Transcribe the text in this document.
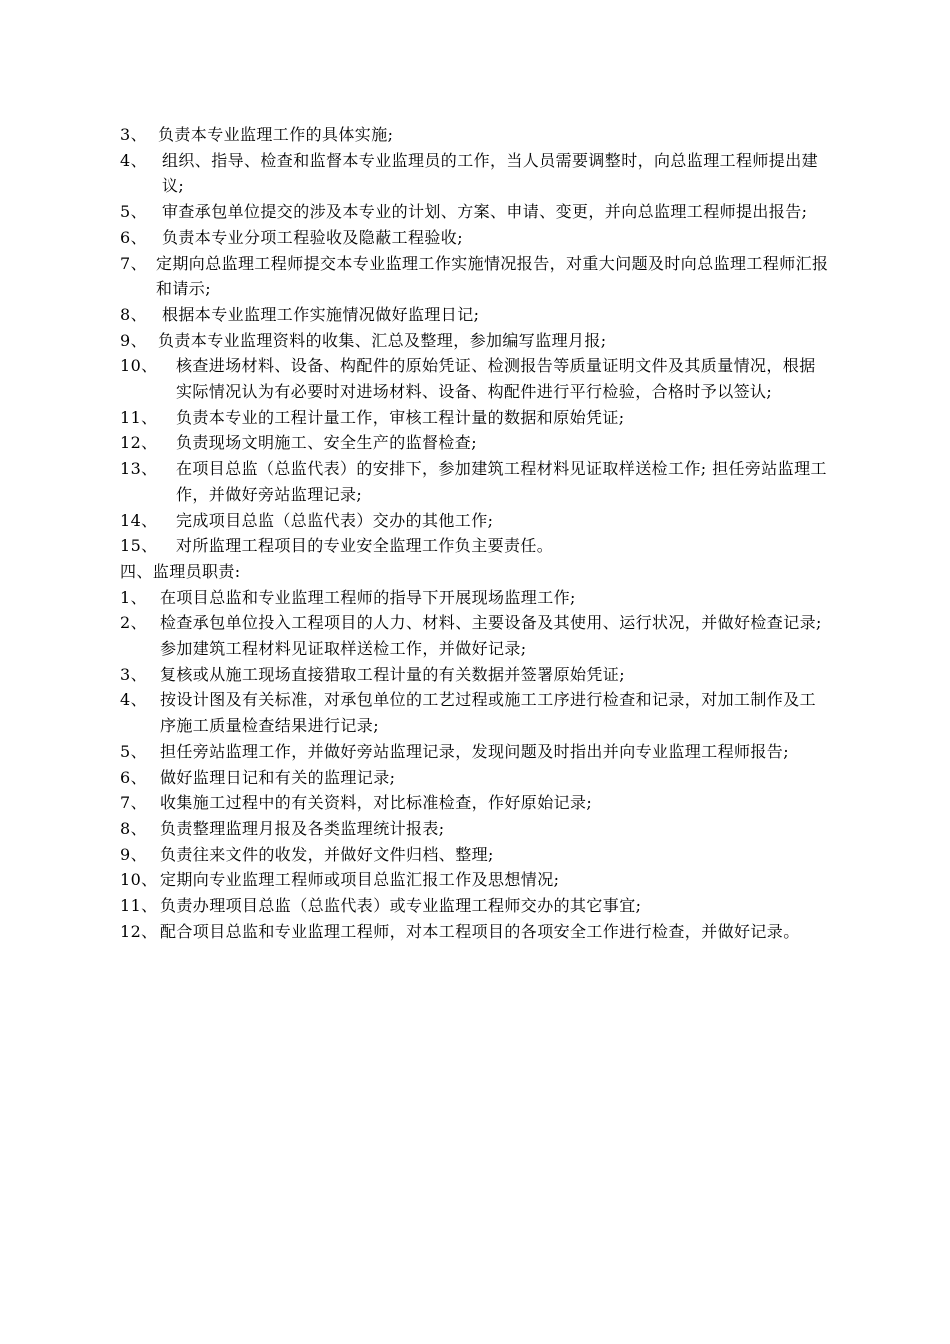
3、 负责本专业监理工作的具体实施;
4、 组织、指导、检查和监督本专业监理员的工作，当人员需要调整时，向总监理工程师提出建议;
5、 审查承包单位提交的涉及本专业的计划、方案、申请、变更，并向总监理工程师提出报告;
6、 负责本专业分项工程验收及隐蔽工程验收;
7、 定期向总监理工程师提交本专业监理工作实施情况报告，对重大问题及时向总监理工程师汇报和请示;
8、 根据本专业监理工作实施情况做好监理日记;
9、 负责本专业监理资料的收集、汇总及整理，参加编写监理月报;
10、	核查进场材料、设备、构配件的原始凭证、检测报告等质量证明文件及其质量情况，根据实际情况认为有必要时对进场材料、设备、构配件进行平行检验，合格时予以签认;
11、	负责本专业的工程计量工作，审核工程计量的数据和原始凭证;
12、	负责现场文明施工、安全生产的监督检查;
13、	在项目总监（总监代表）的安排下，参加建筑工程材料见证取样送检工作; 担任旁站监理工作，并做好旁站监理记录;
14、	完成项目总监（总监代表）交办的其他工作;
15、	对所监理工程项目的专业安全监理工作负主要责任。
四、监理员职责:
1、 在项目总监和专业监理工程师的指导下开展现场监理工作;
2、 检查承包单位投入工程项目的人力、材料、主要设备及其使用、运行状况，并做好检查记录; 参加建筑工程材料见证取样送检工作，并做好记录;
3、 复核或从施工现场直接猎取工程计量的有关数据并签署原始凭证;
4、 按设计图及有关标准，对承包单位的工艺过程或施工工序进行检查和记录，对加工制作及工序施工质量检查结果进行记录;
5、 担任旁站监理工作，并做好旁站监理记录，发现问题及时指出并向专业监理工程师报告;
6、 做好监理日记和有关的监理记录;
7、 收集施工过程中的有关资料，对比标准检查，作好原始记录;
8、 负责整理监理月报及各类监理统计报表;
9、 负责往来文件的收发，并做好文件归档、整理;
10、 定期向专业监理工程师或项目总监汇报工作及思想情况;
11、 负责办理项目总监（总监代表）或专业监理工程师交办的其它事宜;
12、 配合项目总监和专业监理工程师，对本工程项目的各项安全工作进行检查，并做好记录。
